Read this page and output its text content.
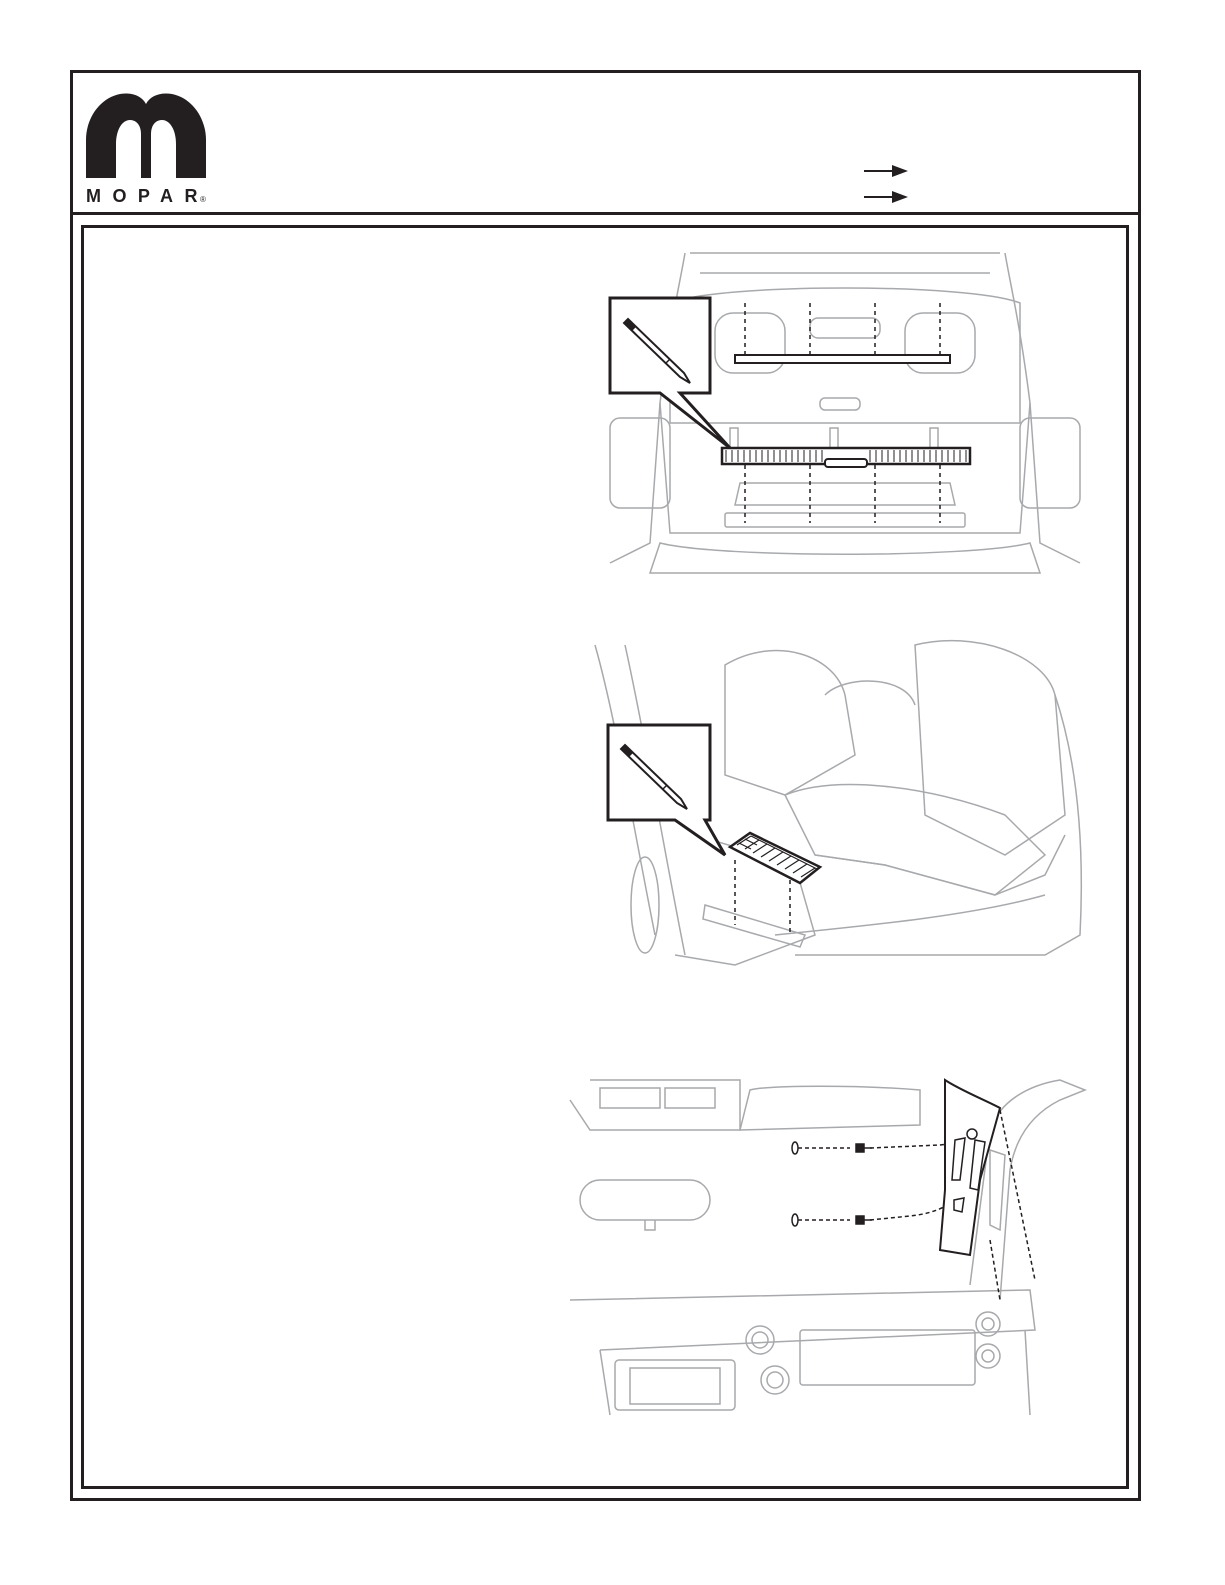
MOPAR ®
